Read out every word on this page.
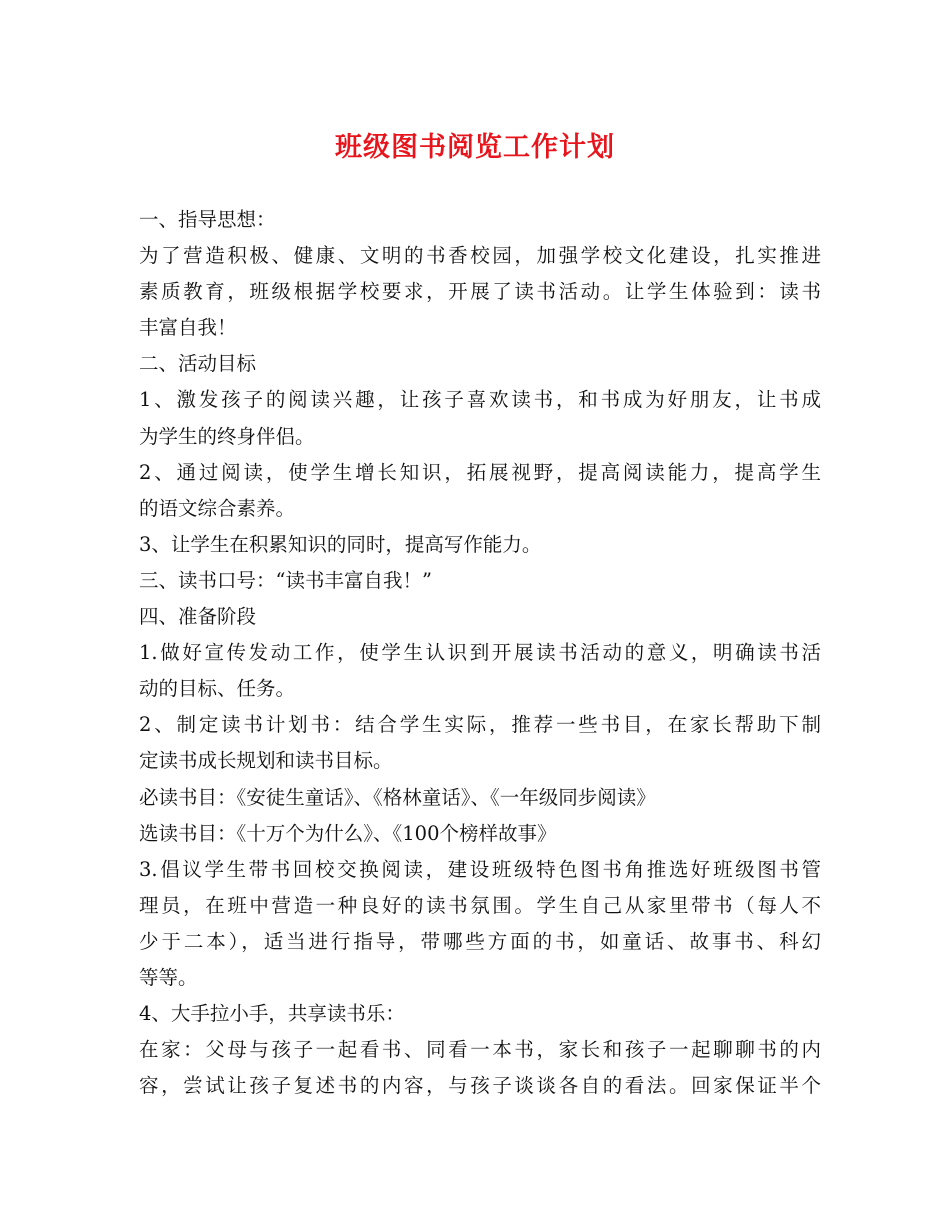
班级图书阅览工作计划
一、指导思想：
为了营造积极、健康、文明的书香校园，加强学校文化建设，扎实推进
素质教育，班级根据学校要求，开展了读书活动。让学生体验到：读书
丰富自我！
二、活动目标
1、激发孩子的阅读兴趣，让孩子喜欢读书，和书成为好朋友，让书成
为学生的终身伴侣。
2、通过阅读，使学生增长知识，拓展视野，提高阅读能力，提高学生
的语文综合素养。
3、让学生在积累知识的同时，提高写作能力。
三、读书口号：“读书丰富自我！”
四、准备阶段
1.做好宣传发动工作，使学生认识到开展读书活动的意义，明确读书活
动的目标、任务。
2、制定读书计划书：结合学生实际，推荐一些书目，在家长帮助下制
定读书成长规划和读书目标。
必读书目：《安徒生童话》、《格林童话》、《一年级同步阅读》
选读书目：《十万个为什么》、《100个榜样故事》
3.倡议学生带书回校交换阅读，建设班级特色图书角推选好班级图书管
理员，在班中营造一种良好的读书氛围。学生自己从家里带书（每人不
少于二本），适当进行指导，带哪些方面的书，如童话、故事书、科幻
等等。
4、大手拉小手，共享读书乐：
在家：父母与孩子一起看书、同看一本书，家长和孩子一起聊聊书的内
容，尝试让孩子复述书的内容，与孩子谈谈各自的看法。回家保证半个
